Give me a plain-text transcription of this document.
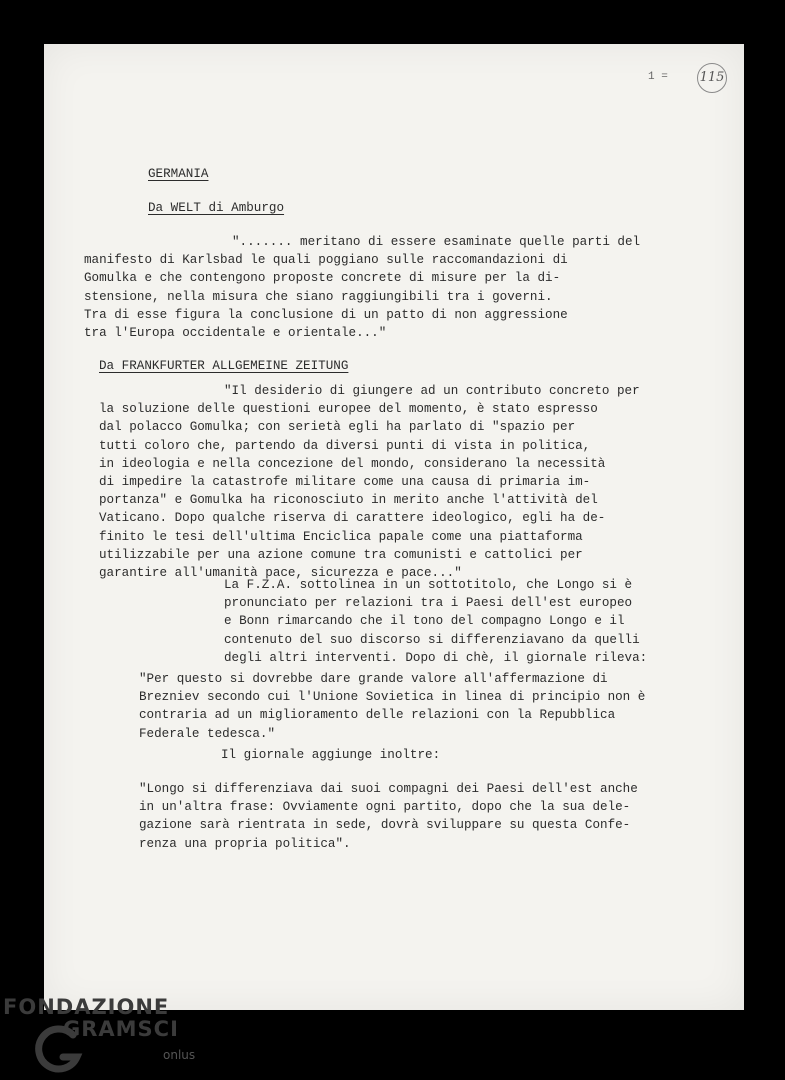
1 = 115
GERMANIA
Da WELT di Amburgo
"....... meritano di essere esaminate quelle parti del
manifesto di Karlsbad le quali poggiano sulle raccomandazioni di
Gomulka e che contengono proposte concrete di misure per la di-
stensione, nella misura che siano raggiungibili tra i governi.
Tra di esse figura la conclusione di un patto di non aggressione
tra l'Europa occidentale e orientale..."
Da FRANKFURTER ALLGEMEINE ZEITUNG
"Il desiderio di giungere ad un contributo concreto per
la soluzione delle questioni europee del momento, è stato espresso
dal polacco Gomulka; con serietà egli ha parlato di "spazio per
tutti coloro che, partendo da diversi punti di vista in politica,
in ideologia e nella concezione del mondo, considerano la necessità
di impedire la catastrofe militare come una causa di primaria im-
portanza" e Gomulka ha riconosciuto in merito anche l'attività del
Vaticano. Dopo qualche riserva di carattere ideologico, egli ha de-
finito le tesi dell'ultima Enciclica papale come una piattaforma
utilizzabile per una azione comune tra comunisti e cattolici per
garantire all'umanità pace, sicurezza e pace..."
La F.Z.A. sottolinea in un sottotitolo, che Longo si è
pronunciato per relazioni tra i Paesi dell'est europeo
e Bonn rimarcando che il tono del compagno Longo e il
contenuto del suo discorso si differenziavano da quelli
degli altri interventi. Dopo di chè, il giornale rileva:
"Per questo si dovrebbe dare grande valore all'affermazione di
Brezniev secondo cui l'Unione Sovietica in linea di principio non è
contraria ad un miglioramento delle relazioni con la Repubblica
Federale tedesca."
Il giornale aggiunge inoltre:
"Longo si differenziava dai suoi compagni dei Paesi dell'est anche
in un'altra frase: Ovviamente ogni partito, dopo che la sua dele-
gazione sarà rientrata in sede, dovrà sviluppare su questa Confe-
renza una propria politica".
FONDAZIONE
GRAMSCI
onlus
